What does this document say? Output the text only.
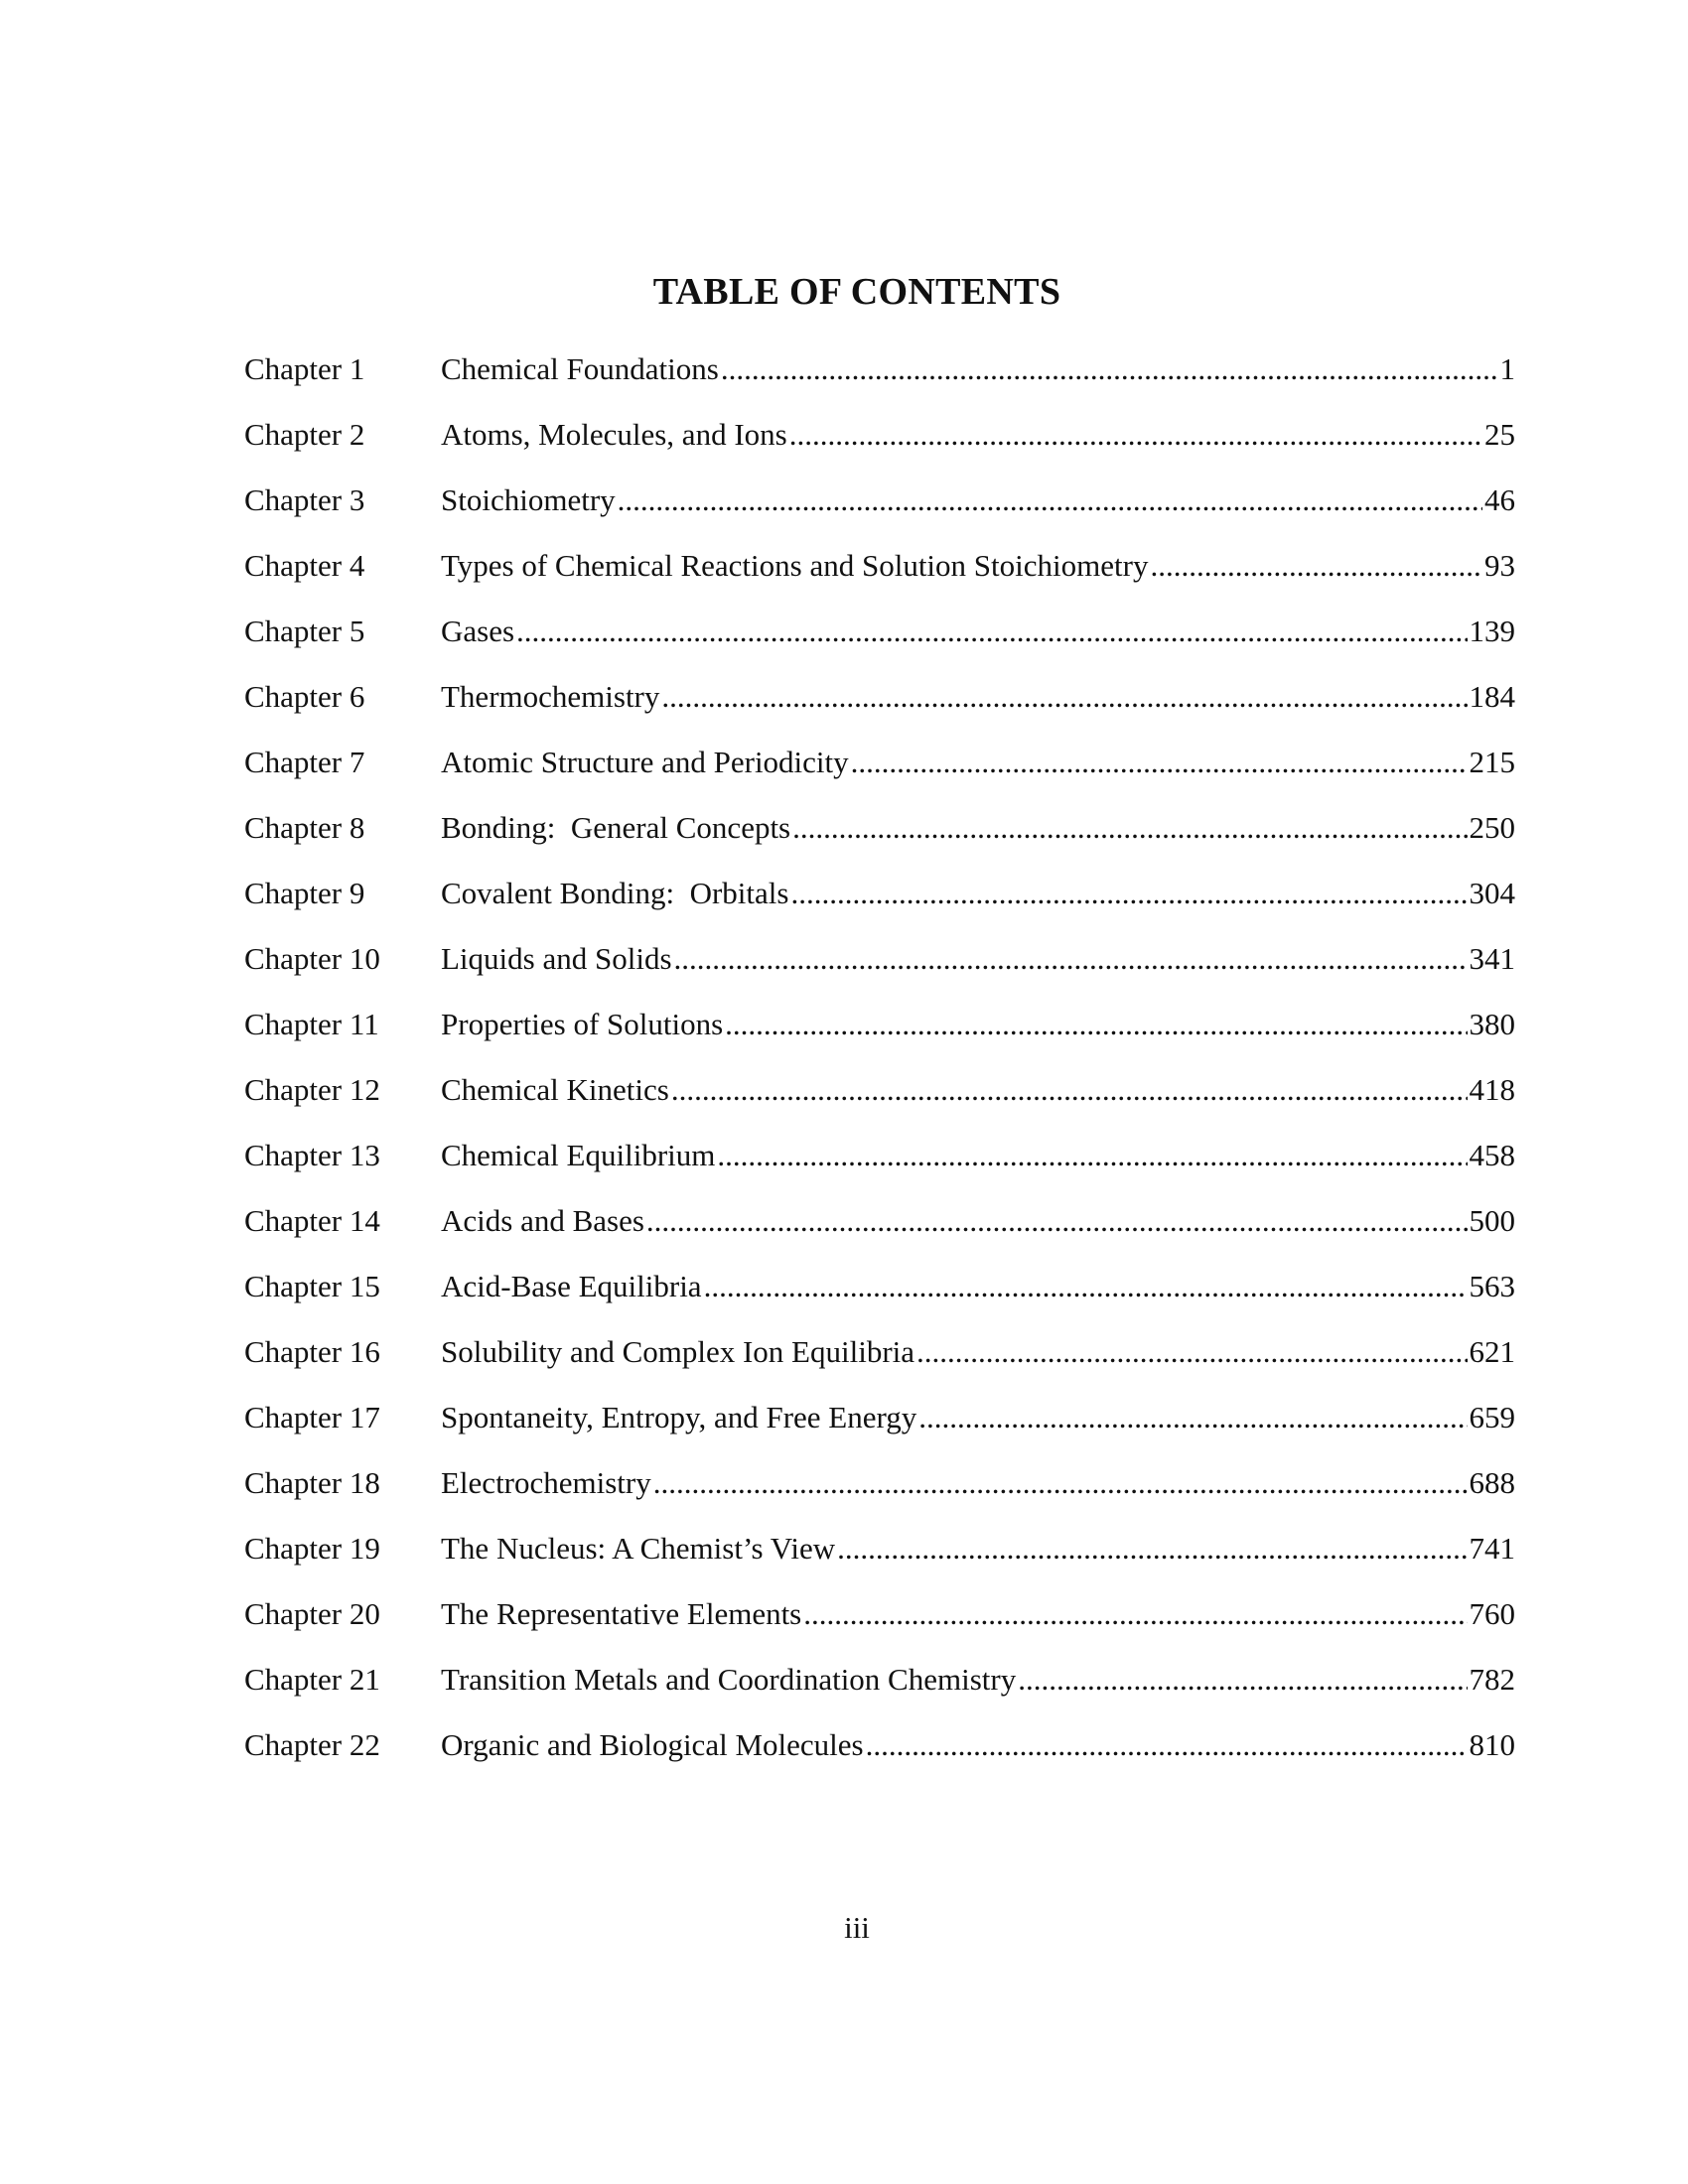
TABLE OF CONTENTS
Chapter 1	Chemical Foundations .....	1
Chapter 2	Atoms, Molecules, and Ions .....	25
Chapter 3	Stoichiometry .....	46
Chapter 4	Types of Chemical Reactions and Solution Stoichiometry .....	93
Chapter 5	Gases .....	139
Chapter 6	Thermochemistry .....	184
Chapter 7	Atomic Structure and Periodicity .....	215
Chapter 8	Bonding:  General Concepts .....	250
Chapter 9	Covalent Bonding:  Orbitals .....	304
Chapter 10	Liquids and Solids .....	341
Chapter 11	Properties of Solutions .....	380
Chapter 12	Chemical Kinetics .....	418
Chapter 13	Chemical Equilibrium .....	458
Chapter 14	Acids and Bases .....	500
Chapter 15	Acid-Base Equilibria .....	563
Chapter 16	Solubility and Complex Ion Equilibria .....	621
Chapter 17	Spontaneity, Entropy, and Free Energy .....	659
Chapter 18	Electrochemistry .....	688
Chapter 19	The Nucleus: A Chemist’s View .....	741
Chapter 20	The Representative Elements .....	760
Chapter 21	Transition Metals and Coordination Chemistry .....	782
Chapter 22	Organic and Biological Molecules .....	810
iii
